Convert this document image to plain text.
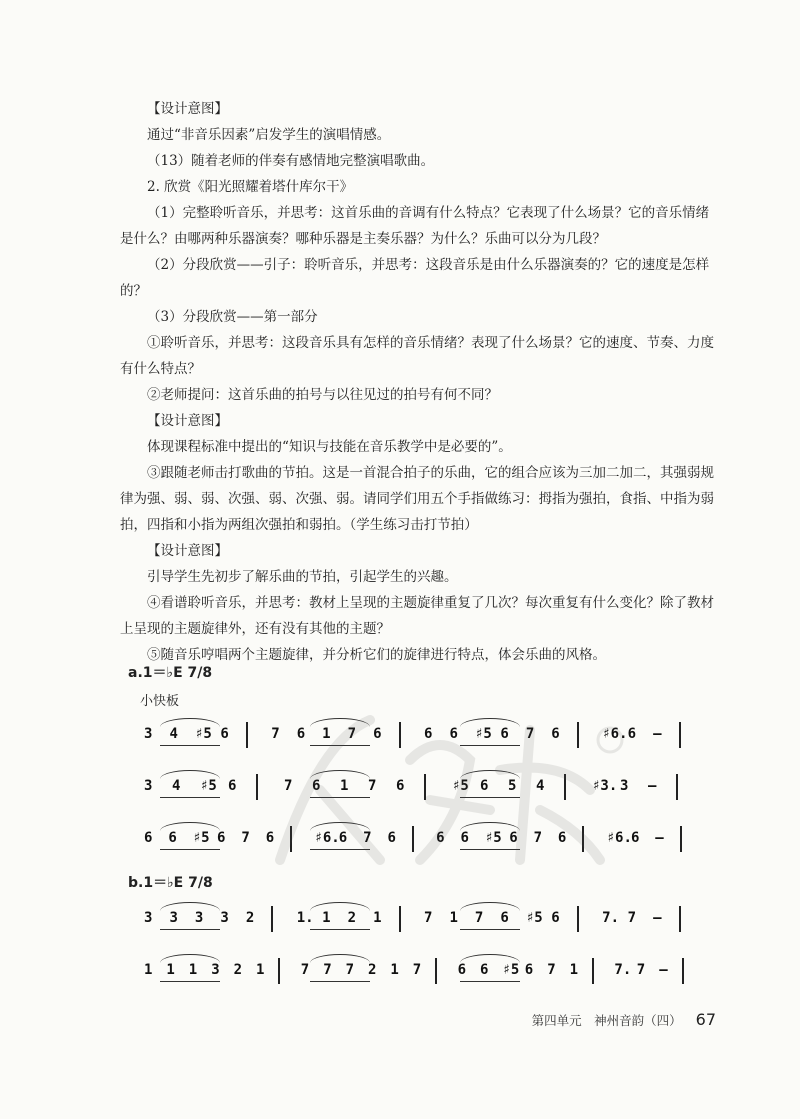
【设计意图】

通过“非音乐因素”启发学生的演唱情感。

（13）随着老师的伴奏有感情地完整演唱歌曲。

2. 欣赏《阳光照耀着塔什库尔干》

（1）完整聆听音乐，并思考：这首乐曲的音调有什么特点？它表现了什么场景？它的音乐情绪是什么？由哪两种乐器演奏？哪种乐器是主奏乐器？为什么？乐曲可以分为几段？

（2）分段欣赏——引子：聆听音乐，并思考：这段音乐是由什么乐器演奏的？它的速度是怎样的？

（3）分段欣赏——第一部分

①聆听音乐，并思考：这段音乐具有怎样的音乐情绪？表现了什么场景？它的速度、节奏、力度有什么特点？

②老师提问：这首乐曲的拍号与以往见过的拍号有何不同？

【设计意图】

体现课程标准中提出的“知识与技能在音乐教学中是必要的”。

③跟随老师击打歌曲的节拍。这是一首混合拍子的乐曲，它的组合应该为三加二加二，其强弱规律为强、弱、弱、次强、弱、次强、弱。请同学们用五个手指做练习：拇指为强拍，食指、中指为弱拍，四指和小指为两组次强拍和弱拍。（学生练习击打节拍）

【设计意图】

引导学生先初步了解乐曲的节拍，引起学生的兴趣。

④看谱聆听音乐，并思考：教材上呈现的主题旋律重复了几次？每次重复有什么变化？除了教材上呈现的主题旋律外，还有没有其他的主题？

⑤随音乐哼唱两个主题旋律，并分析它们的旋律进行特点，体会乐曲的风格。

a.1＝♭E 7/8
小快板
3 4 ♯5 6	7 6 1 7 6	6 6 ♯5 6 7 6	♯6. 6 –
3 4 ♯5 6	7 6 1 7 6	♯5 6 5 4	♯3. 3 –
6 6 ♯5 6 7 6	♯6. 6 7 6	6 6 ♯5 6 7 6	♯6. 6 –
b.1＝♭E 7/8
3 3 3 3 2	1. 1 2 1	7 1 7 6 ♯5 6	7. 7 –
1 1 1 3 2 1	7 7 7 2 1 7	6 6 ♯5 6 7 1	7. 7 –
第四单元　神州音韵（四） 67
